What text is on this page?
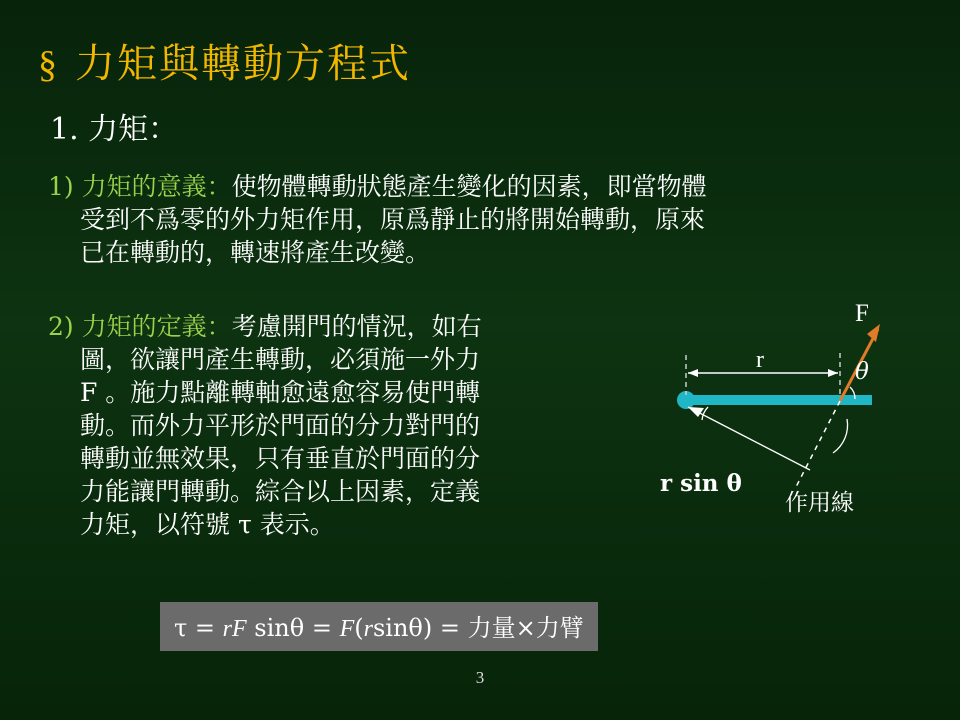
§ 力矩與轉動方程式
1. 力矩：
1) 力矩的意義：使物體轉動狀態產生變化的因素，即當物體
受到不爲零的外力矩作用，原爲靜止的將開始轉動，原來
已在轉動的，轉速將產生改變。
2) 力矩的定義：考慮開門的情況，如右
圖，欲讓門產生轉動，必須施一外力
F 。施力點離轉軸愈遠愈容易使門轉
動。而外力平形於門面的分力對門的
轉動並無效果，只有垂直於門面的分
力能讓門轉動。綜合以上因素，定義
力矩，以符號 τ 表示。
F
r	θ
r sin θ
作用線
τ = rF sinθ = F(rsinθ) = 力量×力臂
3
